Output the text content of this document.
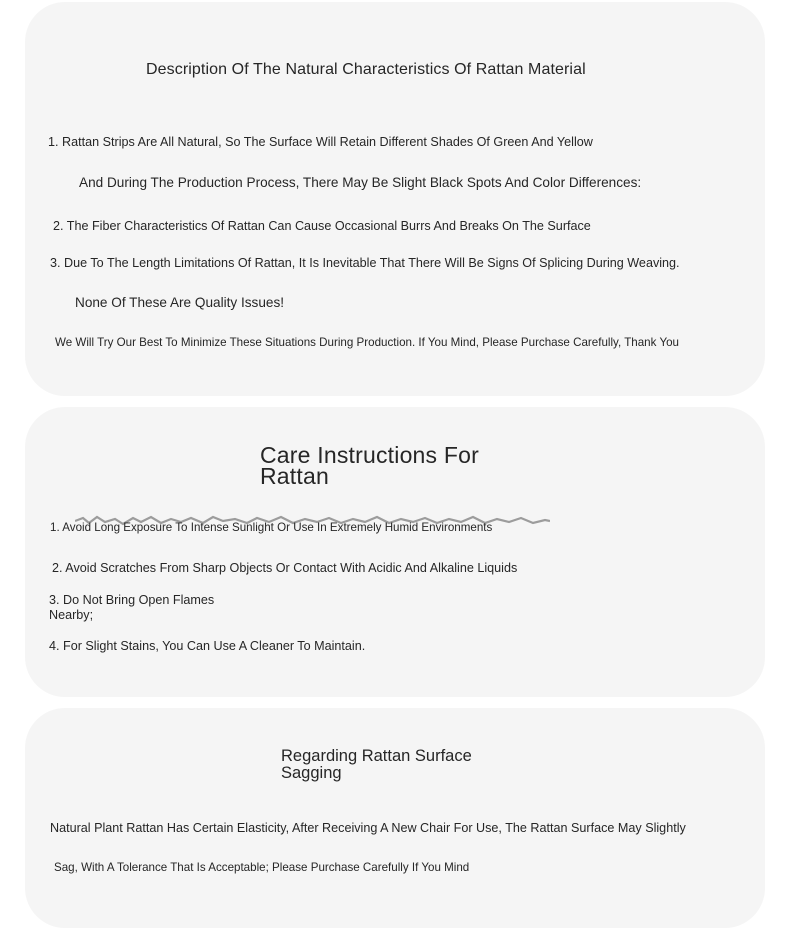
Description Of The Natural Characteristics Of Rattan Material
1. Rattan Strips Are All Natural, So The Surface Will Retain Different Shades Of Green And Yellow
And During The Production Process, There May Be Slight Black Spots And Color Differences:
2. The Fiber Characteristics Of Rattan Can Cause Occasional Burrs And Breaks On The Surface
3. Due To The Length Limitations Of Rattan, It Is Inevitable That There Will Be Signs Of Splicing During Weaving.
None Of These Are Quality Issues!
We Will Try Our Best To Minimize These Situations During Production. If You Mind, Please Purchase Carefully, Thank You
Care Instructions For Rattan
1. Avoid Long Exposure To Intense Sunlight Or Use In Extremely Humid Environments
2. Avoid Scratches From Sharp Objects Or Contact With Acidic And Alkaline Liquids
3. Do Not Bring Open Flames Nearby;
4. For Slight Stains, You Can Use A Cleaner To Maintain.
Regarding Rattan Surface Sagging
Natural Plant Rattan Has Certain Elasticity, After Receiving A New Chair For Use, The Rattan Surface May Slightly
Sag, With A Tolerance That Is Acceptable; Please Purchase Carefully If You Mind
